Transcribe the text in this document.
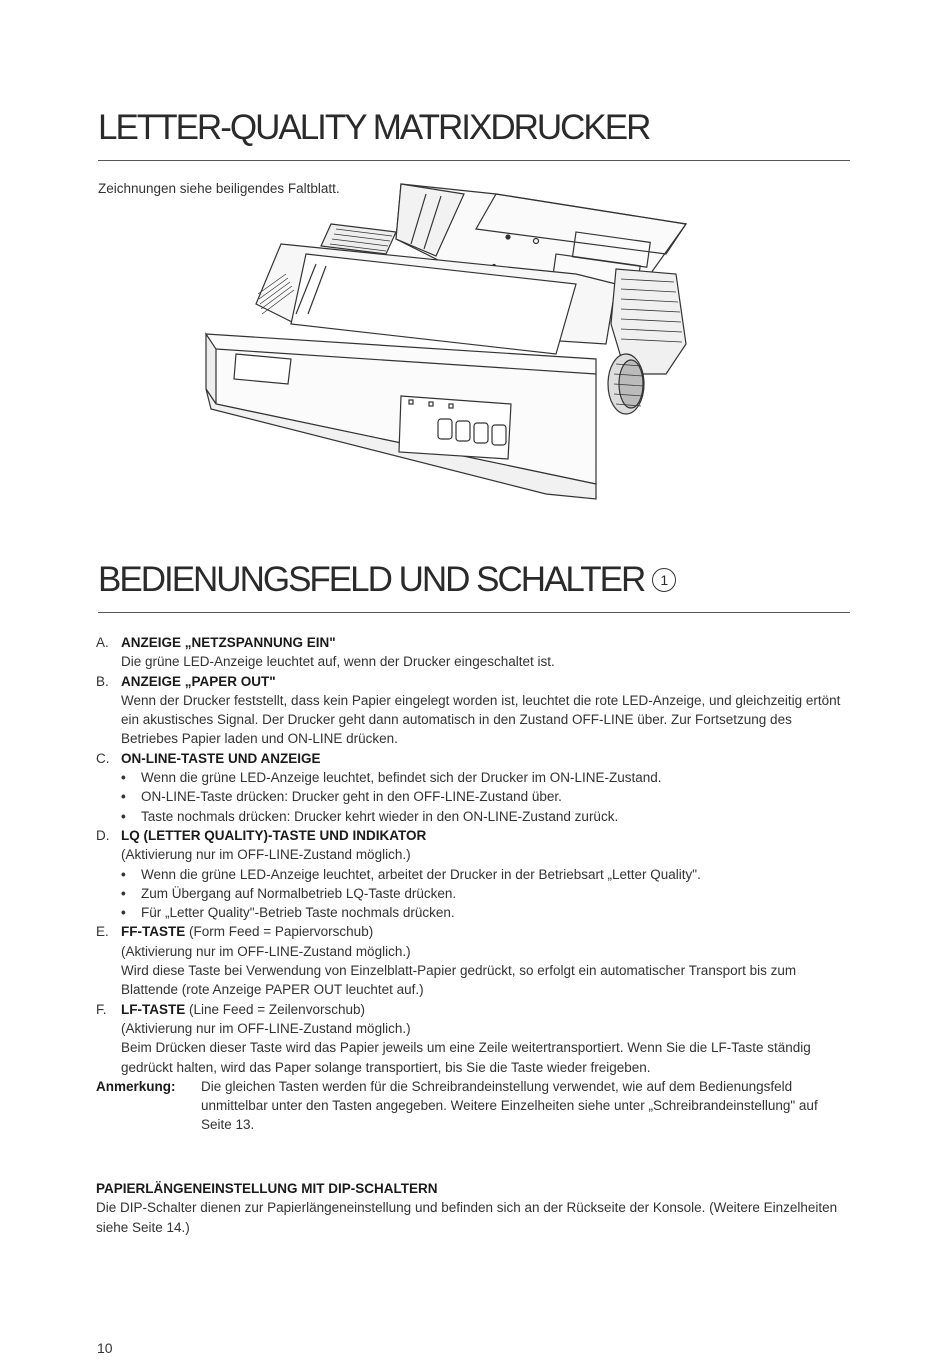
LETTER-QUALITY MATRIXDRUCKER
Zeichnungen siehe beiligendes Faltblatt.
BEDIENUNGSFELD UND SCHALTER 1
A. ANZEIGE „NETZSPANNUNG EIN"
Die grüne LED-Anzeige leuchtet auf, wenn der Drucker eingeschaltet ist.
B. ANZEIGE „PAPER OUT"
Wenn der Drucker feststellt, dass kein Papier eingelegt worden ist, leuchtet die rote LED-Anzeige, und gleichzeitig ertönt ein akustisches Signal. Der Drucker geht dann automatisch in den Zustand OFF-LINE über. Zur Fortsetzung des Betriebes Papier laden und ON-LINE drücken.
C. ON-LINE-TASTE UND ANZEIGE
•	Wenn die grüne LED-Anzeige leuchtet, befindet sich der Drucker im ON-LINE-Zustand.
•	ON-LINE-Taste drücken: Drucker geht in den OFF-LINE-Zustand über.
•	Taste nochmals drücken: Drucker kehrt wieder in den ON-LINE-Zustand zurück.
D. LQ (LETTER QUALITY)-TASTE UND INDIKATOR
(Aktivierung nur im OFF-LINE-Zustand möglich.)
•	Wenn die grüne LED-Anzeige leuchtet, arbeitet der Drucker in der Betriebsart „Letter Quality".
•	Zum Übergang auf Normalbetrieb LQ-Taste drücken.
•	Für „Letter Quality"-Betrieb Taste nochmals drücken.
E. FF-TASTE (Form Feed = Papiervorschub)
(Aktivierung nur im OFF-LINE-Zustand möglich.)
Wird diese Taste bei Verwendung von Einzelblatt-Papier gedrückt, so erfolgt ein automatischer Transport bis zum Blattende (rote Anzeige PAPER OUT leuchtet auf.)
F.	LF-TASTE (Line Feed = Zeilenvorschub)
(Aktivierung nur im OFF-LINE-Zustand möglich.)
Beim Drücken dieser Taste wird das Papier jeweils um eine Zeile weitertransportiert. Wenn Sie die LF-Taste ständig gedrückt halten, wird das Paper solange transportiert, bis Sie die Taste wieder freigeben.
Anmerkung:	Die gleichen Tasten werden für die Schreibrandeinstellung verwendet, wie auf dem Bedienungsfeld unmittelbar unter den Tasten angegeben. Weitere Einzelheiten siehe unter „Schreibrandeinstellung" auf Seite 13.
PAPIERLÄNGENEINSTELLUNG MIT DIP-SCHALTERN
Die DIP-Schalter dienen zur Papierlängeneinstellung und befinden sich an der Rückseite der Konsole. (Weitere Einzelheiten siehe Seite 14.)
10
